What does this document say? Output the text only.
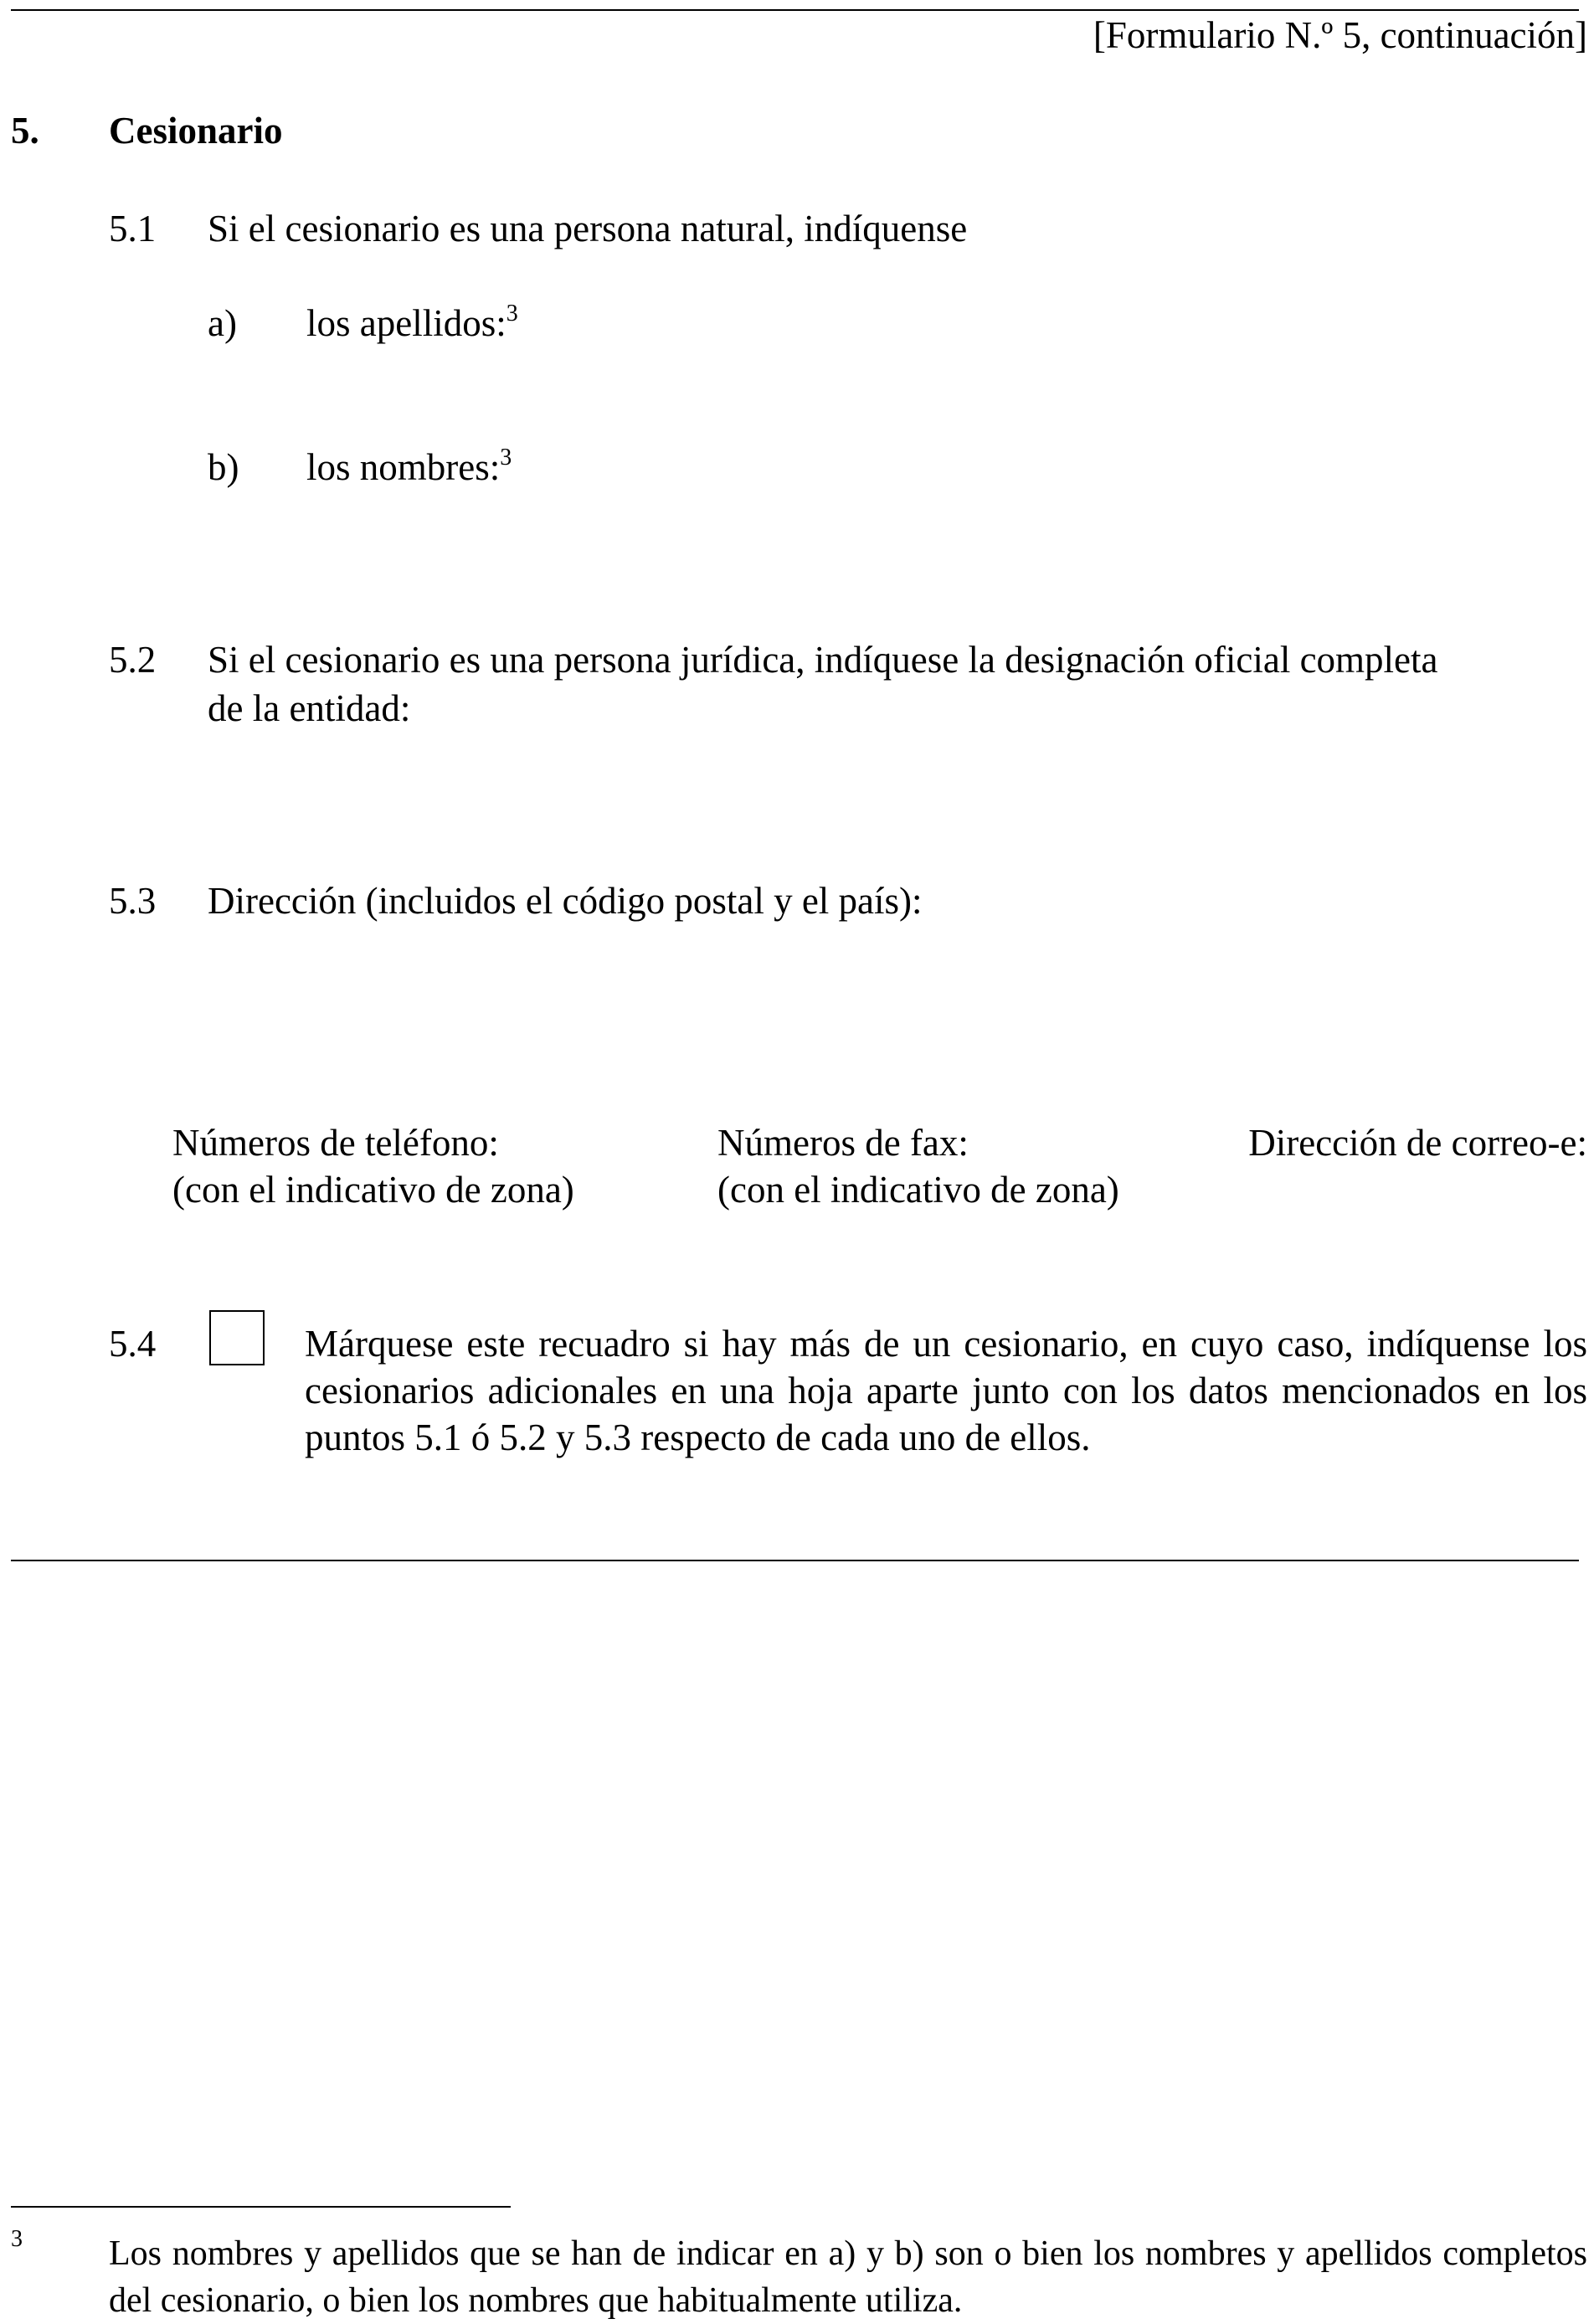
[Formulario N.º 5, continuación]
5. Cesionario
5.1 Si el cesionario es una persona natural, indíquense
a) los apellidos:$^3$
b) los nombres:$^3$
5.2 Si el cesionario es una persona jurídica, indíquese la designación oficial completa
de la entidad:
5.3 Dirección (incluidos el código postal y el país):
Números de teléfono:
(con el indicativo de zona)
Números de fax:
(con el indicativo de zona)
Dirección de correo-e:
5.4	Márquese este recuadro si hay más de un cesionario, en cuyo caso, indíquense los cesionarios adicionales en una hoja aparte junto con los datos mencionados en los puntos 5.1 ó 5.2 y 5.3 respecto de cada uno de ellos.
3 Los nombres y apellidos que se han de indicar en a) y b) son o bien los nombres y apellidos completos del cesionario, o bien los nombres que habitualmente utiliza.
